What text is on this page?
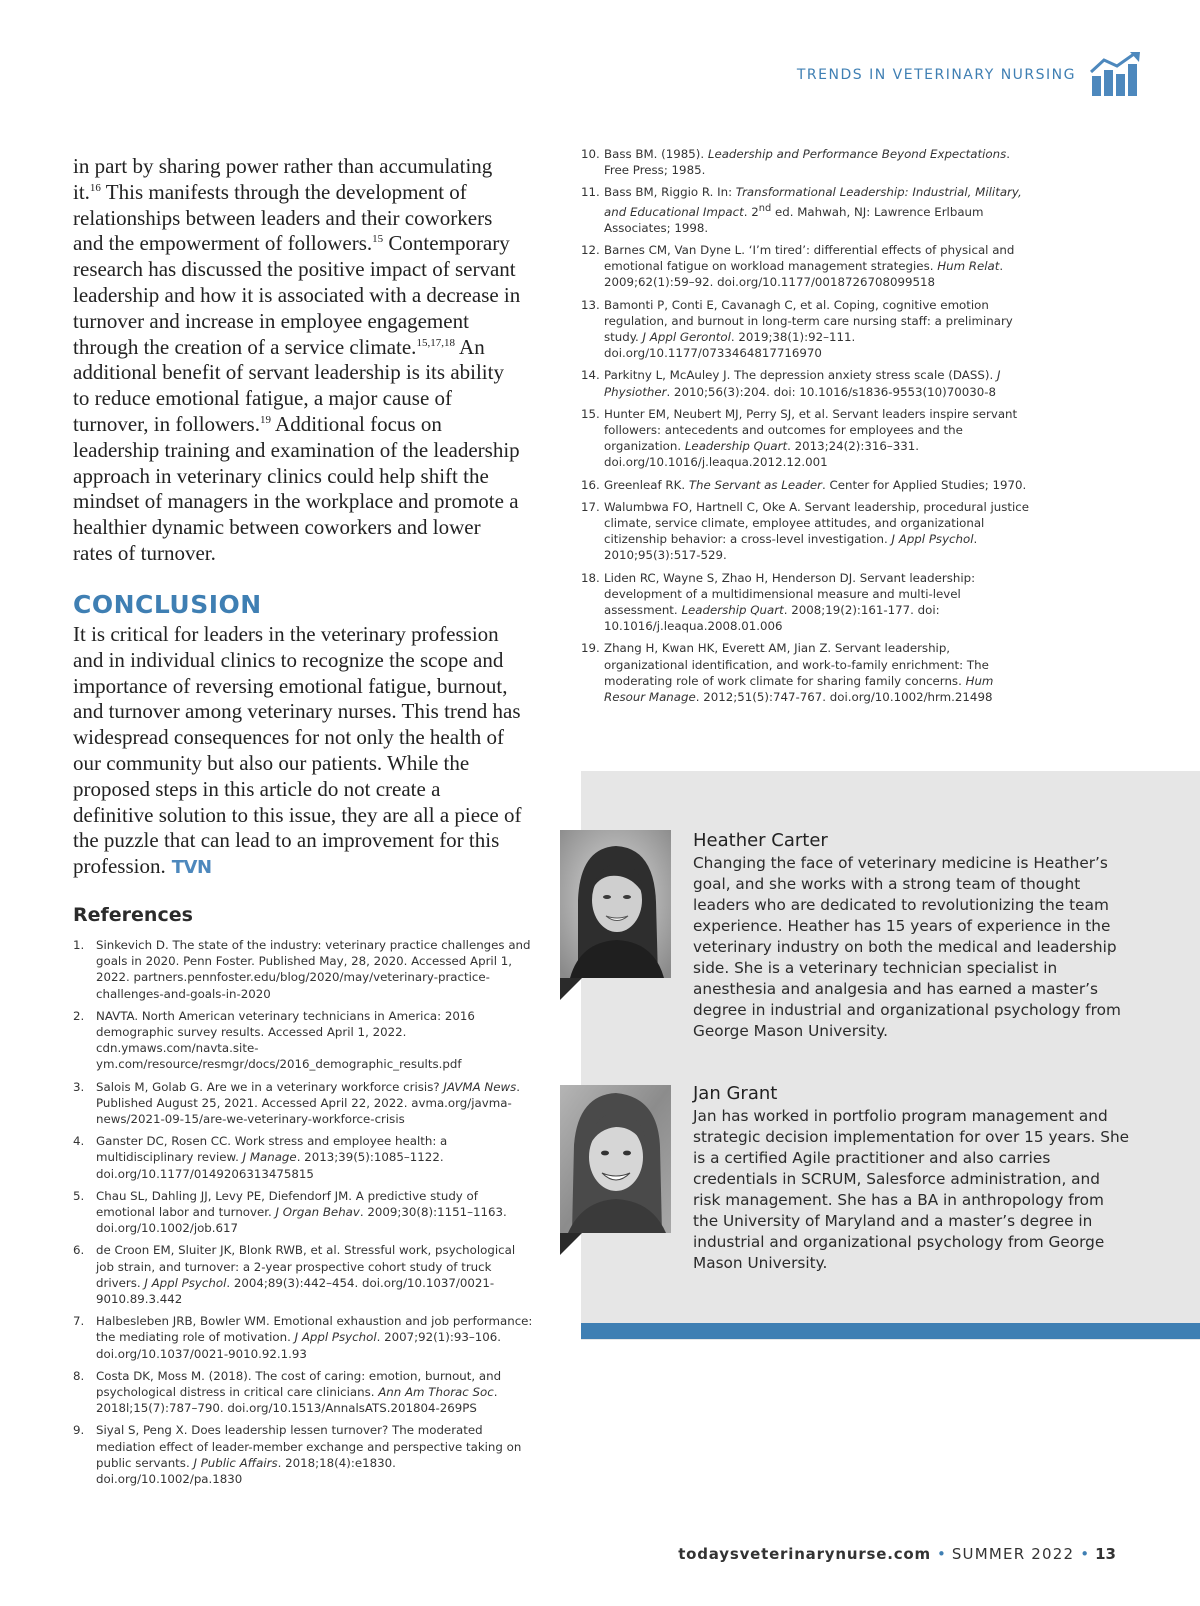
TRENDS IN VETERINARY NURSING
in part by sharing power rather than accumulating it.$^{16}$ This manifests through the development of relationships between leaders and their coworkers and the empowerment of followers.$^{15}$ Contemporary research has discussed the positive impact of servant leadership and how it is associated with a decrease in turnover and increase in employee engagement through the creation of a service climate.$^{15,17,18}$ An additional benefit of servant leadership is its ability to reduce emotional fatigue, a major cause of turnover, in followers.$^{19}$ Additional focus on leadership training and examination of the leadership approach in veterinary clinics could help shift the mindset of managers in the workplace and promote a healthier dynamic between coworkers and lower rates of turnover.
CONCLUSION
It is critical for leaders in the veterinary profession and in individual clinics to recognize the scope and importance of reversing emotional fatigue, burnout, and turnover among veterinary nurses. This trend has widespread consequences for not only the health of our community but also our patients. While the proposed steps in this article do not create a definitive solution to this issue, they are all a piece of the puzzle that can lead to an improvement for this profession. TVN
References
1. Sinkevich D. The state of the industry: veterinary practice challenges and goals in 2020. Penn Foster. Published May, 28, 2020. Accessed April 1, 2022. partners.pennfoster.edu/blog/2020/may/veterinary-practice-challenges-and-goals-in-2020
2. NAVTA. North American veterinary technicians in America: 2016 demographic survey results. Accessed April 1, 2022. cdn.ymaws.com/navta.site-ym.com/resource/resmgr/docs/2016_demographic_results.pdf
3. Salois M, Golab G. Are we in a veterinary workforce crisis? JAVMA News. Published August 25, 2021. Accessed April 22, 2022. avma.org/javma-news/2021-09-15/are-we-veterinary-workforce-crisis
4. Ganster DC, Rosen CC. Work stress and employee health: a multidisciplinary review. J Manage. 2013;39(5):1085–1122. doi.org/10.1177/0149206313475815
5. Chau SL, Dahling JJ, Levy PE, Diefendorf JM. A predictive study of emotional labor and turnover. J Organ Behav. 2009;30(8):1151–1163. doi.org/10.1002/job.617
6. de Croon EM, Sluiter JK, Blonk RWB, et al. Stressful work, psychological job strain, and turnover: a 2-year prospective cohort study of truck drivers. J Appl Psychol. 2004;89(3):442–454. doi.org/10.1037/0021-9010.89.3.442
7. Halbesleben JRB, Bowler WM. Emotional exhaustion and job performance: the mediating role of motivation. J Appl Psychol. 2007;92(1):93–106. doi.org/10.1037/0021-9010.92.1.93
8. Costa DK, Moss M. (2018). The cost of caring: emotion, burnout, and psychological distress in critical care clinicians. Ann Am Thorac Soc. 2018l;15(7):787–790. doi.org/10.1513/AnnalsATS.201804-269PS
9. Siyal S, Peng X. Does leadership lessen turnover? The moderated mediation effect of leader-member exchange and perspective taking on public servants. J Public Affairs. 2018;18(4):e1830. doi.org/10.1002/pa.1830
10. Bass BM. (1985). Leadership and Performance Beyond Expectations. Free Press; 1985.
11. Bass BM, Riggio R. In: Transformational Leadership: Industrial, Military, and Educational Impact. 2nd ed. Mahwah, NJ: Lawrence Erlbaum Associates; 1998.
12. Barnes CM, Van Dyne L. ‘I’m tired’: differential effects of physical and emotional fatigue on workload management strategies. Hum Relat. 2009;62(1):59–92. doi.org/10.1177/0018726708099518
13. Bamonti P, Conti E, Cavanagh C, et al. Coping, cognitive emotion regulation, and burnout in long-term care nursing staff: a preliminary study. J Appl Gerontol. 2019;38(1):92–111. doi.org/10.1177/0733464817716970
14. Parkitny L, McAuley J. The depression anxiety stress scale (DASS). J Physiother. 2010;56(3):204. doi: 10.1016/s1836-9553(10)70030-8
15. Hunter EM, Neubert MJ, Perry SJ, et al. Servant leaders inspire servant followers: antecedents and outcomes for employees and the organization. Leadership Quart. 2013;24(2):316–331. doi.org/10.1016/j.leaqua.2012.12.001
16. Greenleaf RK. The Servant as Leader. Center for Applied Studies; 1970.
17. Walumbwa FO, Hartnell C, Oke A. Servant leadership, procedural justice climate, service climate, employee attitudes, and organizational citizenship behavior: a cross-level investigation. J Appl Psychol. 2010;95(3):517-529.
18. Liden RC, Wayne S, Zhao H, Henderson DJ. Servant leadership: development of a multidimensional measure and multi-level assessment. Leadership Quart. 2008;19(2):161-177. doi: 10.1016/j.leaqua.2008.01.006
19. Zhang H, Kwan HK, Everett AM, Jian Z. Servant leadership, organizational identification, and work-to-family enrichment: The moderating role of work climate for sharing family concerns. Hum Resour Manage. 2012;51(5):747-767. doi.org/10.1002/hrm.21498
Heather Carter
Changing the face of veterinary medicine is Heather’s goal, and she works with a strong team of thought leaders who are dedicated to revolutionizing the team experience. Heather has 15 years of experience in the veterinary industry on both the medical and leadership side. She is a veterinary technician specialist in anesthesia and analgesia and has earned a master’s degree in industrial and organizational psychology from George Mason University.
Jan Grant
Jan has worked in portfolio program management and strategic decision implementation for over 15 years. She is a certified Agile practitioner and also carries credentials in SCRUM, Salesforce administration, and risk management. She has a BA in anthropology from the University of Maryland and a master’s degree in industrial and organizational psychology from George Mason University.
todaysveterinarynurse.com • SUMMER 2022 • 13
